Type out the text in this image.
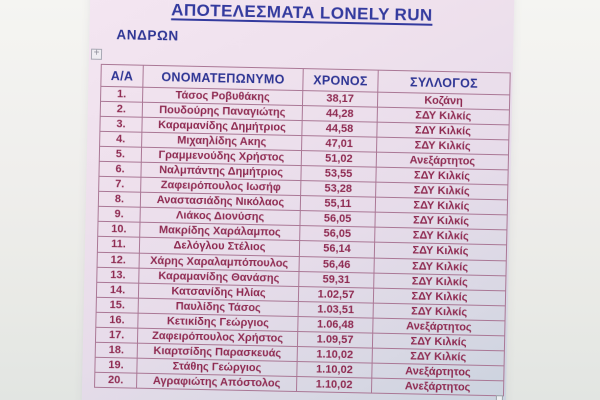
ΑΠΟΤΕΛΕΣΜΑΤΑ LONELY RUN
ΑΝΔΡΩΝ
+
Α/Α	ΟΝΟΜΑΤΕΠΩΝΥΜΟ	ΧΡΟΝΟΣ	ΣΥΛΛΟΓΟΣ
1.	Τάσος Ροβυθάκης	38,17	Κοζάνη
2.	Πουδούρης Παναγιώτης	44,28	ΣΔΥ Κιλκίς
3.	Καραμανίδης Δημήτριος	44,58	ΣΔΥ Κιλκίς
4.	Μιχαηλίδης Ακης	47,01	ΣΔΥ Κιλκίς
5.	Γραμμενούδης Χρήστος	51,02	Ανεξάρτητος
6.	Ναλμπάντης Δημήτριος	53,55	ΣΔΥ Κιλκίς
7.	Ζαφειρόπουλος Ιωσήφ	53,28	ΣΔΥ Κιλκίς
8.	Αναστασιάδης Νικόλαος	55,11	ΣΔΥ Κιλκίς
9.	Λιάκος Διονύσης	56,05	ΣΔΥ Κιλκίς
10.	Μακρίδης Χαράλαμπος	56,05	ΣΔΥ Κιλκίς
11.	Δελόγλου Στέλιος	56,14	ΣΔΥ Κιλκίς
12.	Χάρης Χαραλαμπόπουλος	56,46	ΣΔΥ Κιλκίς
13.	Καραμανίδης Θανάσης	59,31	ΣΔΥ Κιλκίς
14.	Κατσανίδης Ηλίας	1.02,57	ΣΔΥ Κιλκίς
15.	Παυλίδης Τάσος	1.03,51	ΣΔΥ Κιλκίς
16.	Κετικίδης Γεώργιος	1.06,48	Ανεξάρτητος
17.	Ζαφειρόπουλος Χρήστος	1.09,57	ΣΔΥ Κιλκίς
18.	Κιαρτσίδης Παρασκευάς	1.10,02	ΣΔΥ Κιλκίς
19.	Στάθης Γεώργιος	1.10,02	Ανεξάρτητος
20.	Αγραφιώτης Απόστολος	1.10,02	Ανεξάρτητος
